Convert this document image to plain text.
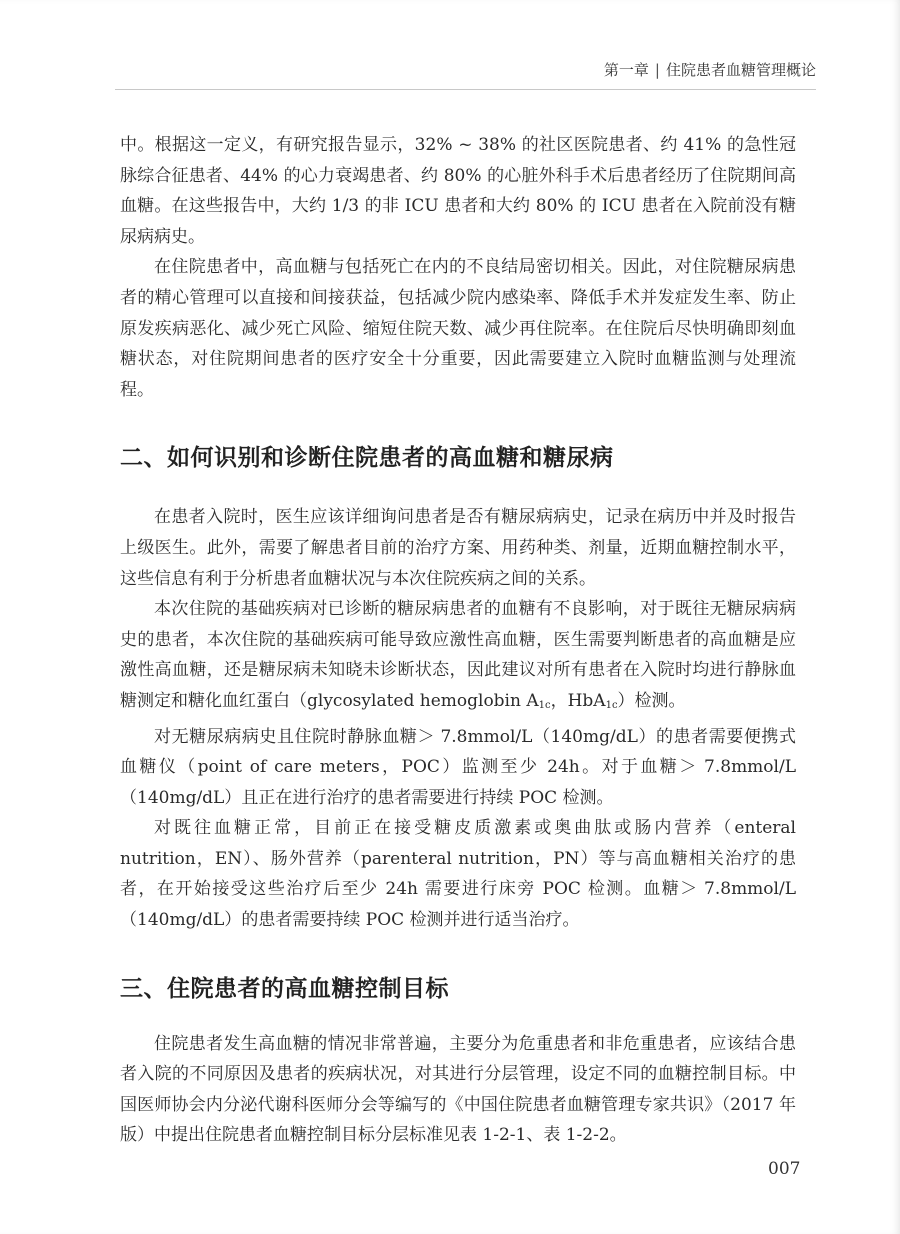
第一章 | 住院患者血糖管理概论

中。根据这一定义，有研究报告显示，32% ~ 38% 的社区医院患者、约 41% 的急性冠脉综合征患者、44% 的心力衰竭患者、约 80% 的心脏外科手术后患者经历了住院期间高血糖。在这些报告中，大约 1/3 的非 ICU 患者和大约 80% 的 ICU 患者在入院前没有糖尿病病史。

在住院患者中，高血糖与包括死亡在内的不良结局密切相关。因此，对住院糖尿病患者的精心管理可以直接和间接获益，包括减少院内感染率、降低手术并发症发生率、防止原发疾病恶化、减少死亡风险、缩短住院天数、减少再住院率。在住院后尽快明确即刻血糖状态，对住院期间患者的医疗安全十分重要，因此需要建立入院时血糖监测与处理流程。

二、如何识别和诊断住院患者的高血糖和糖尿病

在患者入院时，医生应该详细询问患者是否有糖尿病病史，记录在病历中并及时报告上级医生。此外，需要了解患者目前的治疗方案、用药种类、剂量，近期血糖控制水平，这些信息有利于分析患者血糖状况与本次住院疾病之间的关系。

本次住院的基础疾病对已诊断的糖尿病患者的血糖有不良影响，对于既往无糖尿病病史的患者，本次住院的基础疾病可能导致应激性高血糖，医生需要判断患者的高血糖是应激性高血糖，还是糖尿病未知晓未诊断状态，因此建议对所有患者在入院时均进行静脉血糖测定和糖化血红蛋白（glycosylated hemoglobin $A_{1c}$，HbA$_{1c}$）检测。

对无糖尿病病史且住院时静脉血糖＞ 7.8mmol/L（140mg/dL）的患者需要便携式血糖仪（point of care meters，POC）监测至少 24h。对于血糖＞ 7.8mmol/L（140mg/dL）且正在进行治疗的患者需要进行持续 POC 检测。

对既往血糖正常，目前正在接受糖皮质激素或奥曲肽或肠内营养（enteral nutrition，EN）、肠外营养（parenteral nutrition，PN）等与高血糖相关治疗的患者，在开始接受这些治疗后至少 24h 需要进行床旁 POC 检测。血糖＞ 7.8mmol/L（140mg/dL）的患者需要持续 POC 检测并进行适当治疗。

三、住院患者的高血糖控制目标

住院患者发生高血糖的情况非常普遍，主要分为危重患者和非危重患者，应该结合患者入院的不同原因及患者的疾病状况，对其进行分层管理，设定不同的血糖控制目标。中国医师协会内分泌代谢科医师分会等编写的《中国住院患者血糖管理专家共识》（2017 年版）中提出住院患者血糖控制目标分层标准见表 1-2-1、表 1-2-2。

007
